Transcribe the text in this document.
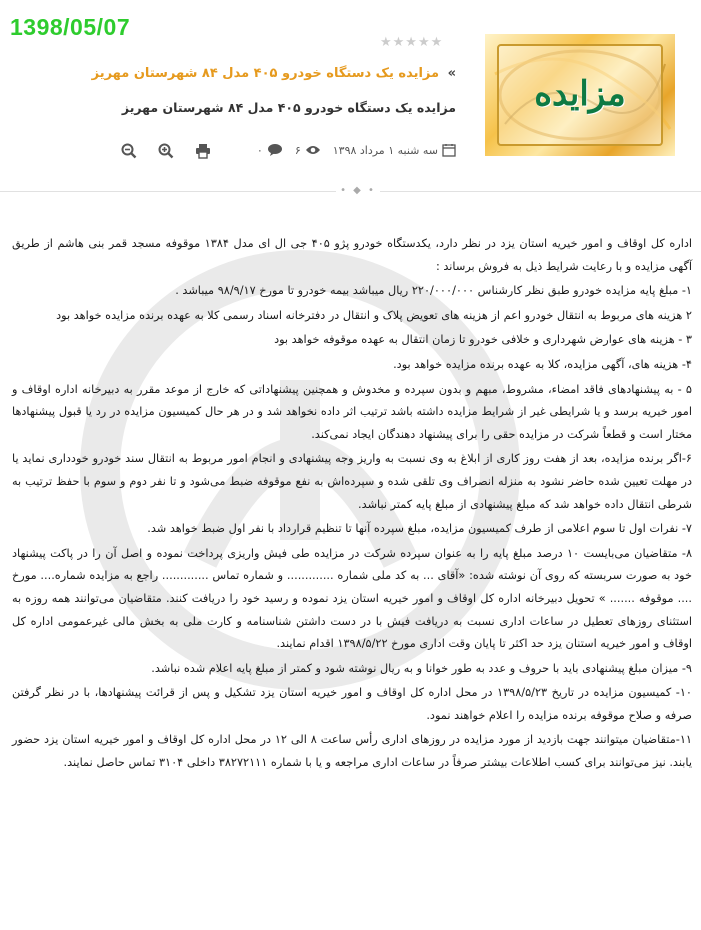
1398/05/07
مزایده
★★★★★
» مزایده یک دستگاه خودرو ۴۰۵ مدل ۸۴ شهرستان مهریز
مزایده یک دستگاه خودرو ۴۰۵ مدل ۸۴ شهرستان مهریز
سه شنبه ۱ مرداد ۱۳۹۸
۶
۰
• ◆ •

اداره کل اوقاف و امور خیریه استان یزد در نظر دارد، یکدستگاه خودرو پژو ۴۰۵ جی ال ای مدل ۱۳۸۴ موقوفه مسجد قمر بنی هاشم از طریق آگهی مزایده و با رعایت شرایط ذیل به فروش برساند :

۱- مبلغ پایه مزایده خودرو طبق نظر کارشناس ۲۲۰/۰۰۰/۰۰۰ ریال میباشد بیمه خودرو تا مورخ ۹۸/۹/۱۷ میباشد .

۲ هزینه های مربوط به انتقال خودرو اعم از هزینه های تعویض پلاک و انتقال در دفترخانه اسناد رسمی کلا به عهده برنده مزایده خواهد بود

۳ - هزینه های عوارض شهرداری و خلافی خودرو تا زمان انتقال به عهده موقوفه خواهد بود

۴- هزینه های، آگهی مزایده، کلا به عهده برنده مزایده خواهد بود.

۵ - به پیشنهادهای فاقد امضاء، مشروط، مبهم و بدون سپرده و مخدوش و همچنین پیشنهاداتی که خارج از موعد مقرر به دبیرخانه اداره اوقاف و امور خیریه برسد و یا شرایطی غیر از شرایط مزایده داشته باشد ترتیب اثر داده نخواهد شد و در هر حال کمیسیون مزایده در رد یا قبول پیشنهادها مختار است و قطعاً شرکت در مزایده حقی را برای پیشنهاد دهندگان ایجاد نمی‌کند.

۶-اگر برنده مزایده، بعد از هفت روز کاری از ابلاغ به وی نسبت به واریز وجه پیشنهادی و انجام امور مربوط به انتقال سند خودرو خودداری نماید یا در مهلت تعیین شده حاضر نشود به منزله انصراف وی تلقی شده و سپرده‌اش به نفع موقوفه ضبط می‌شود و تا نفر دوم و سوم با حفظ ترتیب به شرطی انتقال داده خواهد شد که مبلغ پیشنهادی از مبلغ پایه کمتر نباشد.

۷- نفرات اول تا سوم اعلامی از طرف کمیسیون مزایده، مبلغ سپرده آنها تا تنظیم قرارداد با نفر اول ضبط خواهد شد.

۸- متقاضیان می‌بایست ۱۰ درصد مبلغ پایه را به عنوان سپرده شرکت در مزایده طی فیش واریزی پرداخت نموده و اصل آن را در پاکت پیشنهاد خود به صورت سربسته که روی آن نوشته شده: «آقای ... به کد ملی شماره ............. و شماره تماس ............. راجع به مزایده شماره.... مورخ .... موقوفه ....... » تحویل دبیرخانه اداره کل اوقاف و امور خیریه استان یزد نموده و رسید خود را دریافت کنند. متقاضیان می‌توانند همه روزه به استثنای روزهای تعطیل در ساعات اداری نسبت به دریافت فیش با در دست داشتن شناسنامه و کارت ملی به بخش مالی غیرعمومی اداره کل اوقاف و امور خیریه استنان یزد حد اکثر تا پایان وقت اداری مورخ ۱۳۹۸/۵/۲۲ اقدام نمایند.

۹- میزان مبلغ پیشنهادی باید با حروف و عدد به طور خوانا و به ریال نوشته شود و کمتر از مبلغ پایه اعلام شده نباشد.

۱۰- کمیسیون مزایده در تاریخ ۱۳۹۸/۵/۲۳ در محل اداره کل اوقاف و امور خیریه استان یزد تشکیل و پس از قرائت پیشنهادها، با در نظر گرفتن صرفه و صلاح موقوفه برنده مزایده را اعلام خواهند نمود.

۱۱-متقاضیان میتوانند جهت بازدید از مورد مزایده در روزهای اداری رأس ساعت ۸ الی ۱۲ در محل اداره کل اوقاف و امور خیریه استان یزد حضور یابند. نیز می‌توانند برای کسب اطلاعات بیشتر صرفاً در ساعات اداری مراجعه و یا با شماره ۳۸۲۷۲۱۱۱ داخلی ۳۱۰۴ تماس حاصل نمایند.
